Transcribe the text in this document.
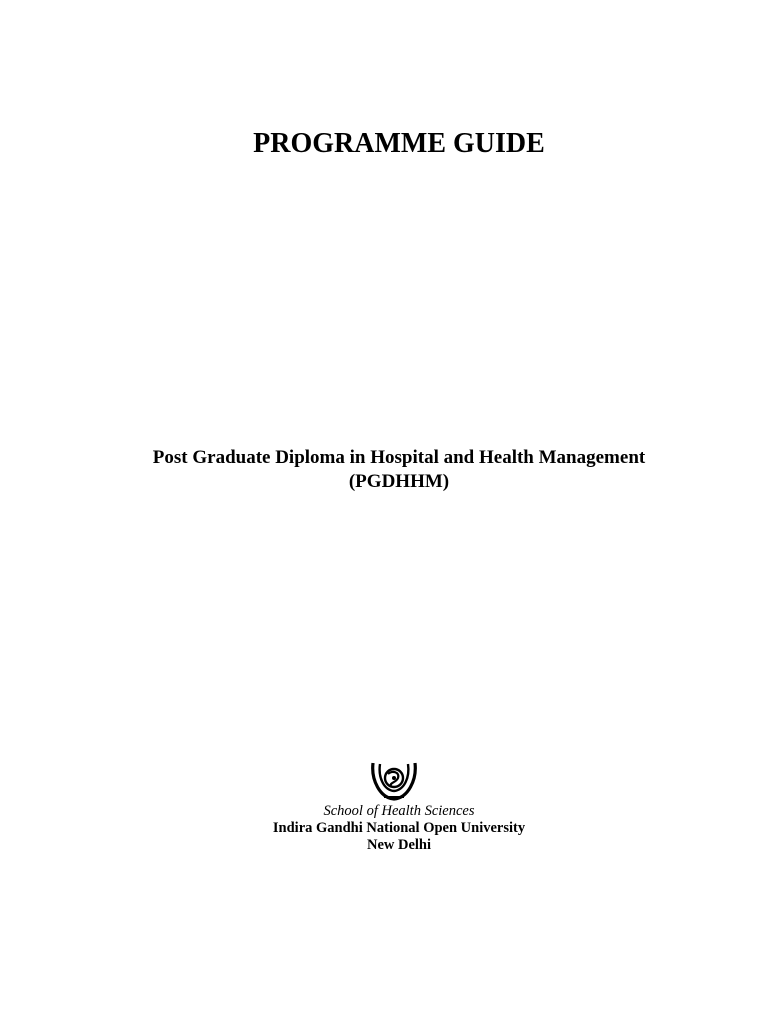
PROGRAMME GUIDE
Post Graduate Diploma in Hospital and Health Management
(PGDHHM)
School of Health Sciences
Indira Gandhi National Open University
New Delhi
